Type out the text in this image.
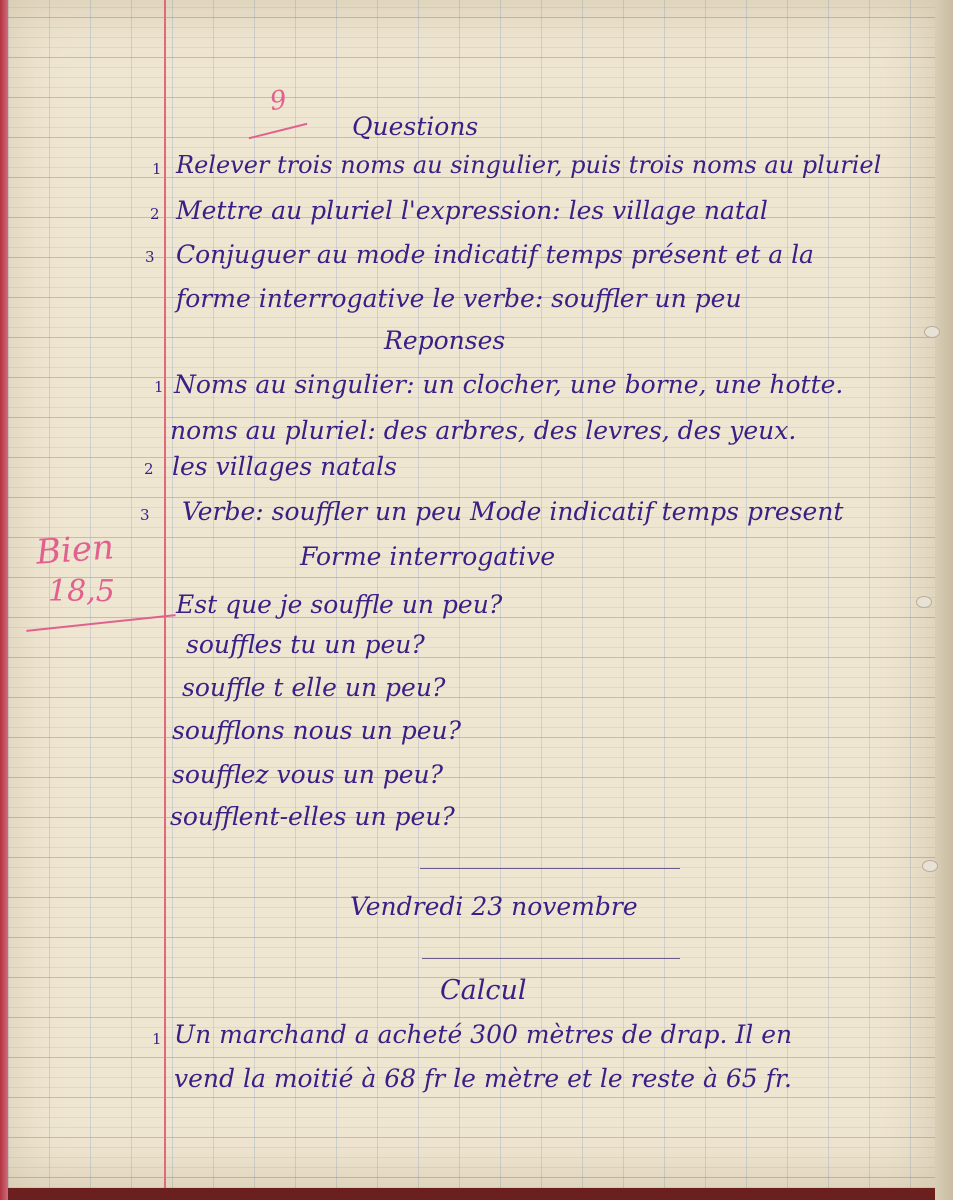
9
Questions
1 Relever trois noms au singulier, puis trois noms au pluriel
2 Mettre au pluriel l'expression: les village natal
3 Conjuguer au mode indicatif temps présent et a la
forme interrogative le verbe: souffler un peu
Reponses
1 Noms au singulier: un clocher, une borne, une hotte.
noms au pluriel: des arbres, des levres, des yeux.
2 les villages natals
3 Verbe: souffler un peu Mode indicatif temps present
Forme interrogative
Est que je souffle un peu?
souffles tu un peu?
souffle t elle un peu?
soufflons nous un peu?
soufflez vous un peu?
soufflent-elles un peu?
Bien
18,5
Vendredi 23 novembre
Calcul
1 Un marchand a acheté 300 mètres de drap. Il en
vend la moitié à 68 fr le mètre et le reste à 65 fr.
